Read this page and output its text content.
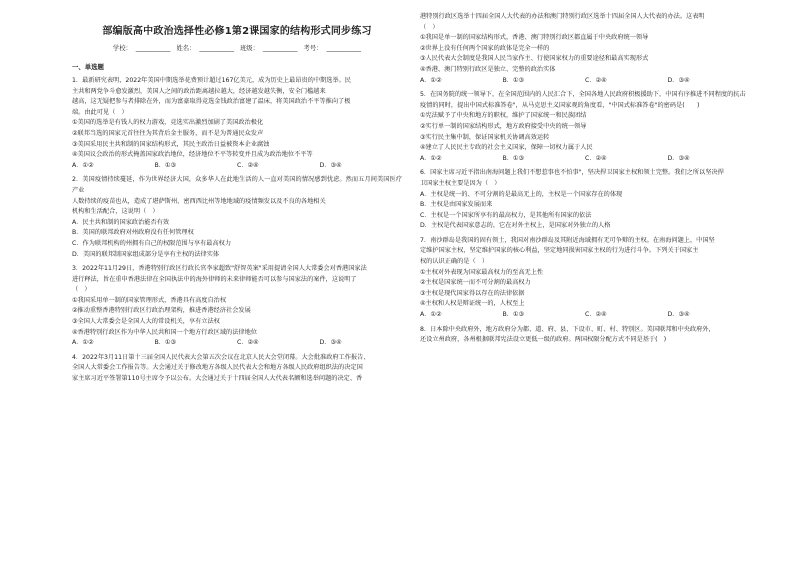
部编版高中政治选择性必修1第2课国家的结构形式同步练习
学校： ___________ 姓名： ___________ 班级： ___________ 考号： ___________
一、单选题

1．最新研究表明，2022年美国中期选举花费预计超过167亿美元，成为历史上最昂贵的中期选举。民

主共和两党争斗愈发激烈，美国人之间的政治距离越拉越大，经济越发越失衡，安全门槛越来

越高，这无疑把参与者排除在外，而为富豪取得竞选金钱政治富建了温床，将美国政治不平等推向了极

端。由此可见（　）

①美国的选举是有钱人的权力游戏，竞选实出激烈加剧了美国政治极化
②联邦当选的国家元首往往为其背后金主服务，而不是为普通民众发声
③美国采用民主共和制的国家结构形式，其民主政治日益被资本企业腐蚀
④美国议会政治的形式掩盖国家政治地位，经济地位不平等转变并且成为政治地位不平等
A．①②	B．①③	C．②④	D．③④

2．美国疫情持续蔓延，作为世界经济大国，众多华人在此地生活的人一直对美国的情况感到忧虑。然而五月间美国医疗产业

人数持续的疫苗也从，造成了堪萨斯州、密西西比州等地地域的疫情频发以及不良的各地相关

机构和生活配合，这说明（　）

A．民主共和制的国家政治能否有效
B．美国的联邦政府对州政府没有任何管理权
C．作为联邦机构的州拥有自己的权限范围与享有最高权力
D．美国的联邦制国家组成部分是享有主权的法律实体

3．2022年11月29日，香港特别行政区行政长官李家超致"舒智英案"采用提请全国人大常委会对香港国家法

进行释法，旨在重申香港法律在全国执法中的海外律师的未来律师能否可以参与国家法的案件，这说明了

（　）

①我国采用单一制的国家管理形式，香港具有高度自治权
②推动重整香港特别行政区行政治理架构，推进香港经济社会发展
③全国人大常委会是全国人大的常设机关，享有立法权
④香港特别行政区作为中华人民共和国一个地方行政区域的法律地位
A．①②	B．①③	C．②④	D．③④

4．2022年3月11日第十三届全国人民代表大会第五次会议在北京人民大会堂闭幕。大会批准政府工作报告、

全国人大常委会工作报告等。大会通过关于修改地方各级人民代表大会和地方各级人民政府组织法的决定国

家主席习近平签署第110号主席令予以公布。大会通过关于十四届全国人大代表名额和选举问题的决定、香

港特别行政区选举十四届全国人大代表的办法和澳门特别行政区选举十四届全国人大代表的办法。这表明

（　）

①我国是单一制的国家结构形式，香港、澳门特别行政区都直属于中央政府统一领导
②世界上没有任何两个国家的政体是完全一样的
③人民代表大会制度是我国人民当家作主、行使国家权力的重要途径和最高实现形式
④香港、澳门特别行政区是独立、完整的政治实体
A．①②	B．①③	C．②④	D．③④

5．在国务院的统一领导下，在全国范围内的人民汇合下，全国各地人民政府积极援助下，中国有序推进不同程度的抗击

疫情的同时，提出中国式标准答卷"，从马克思主义国家观的角度看，"中国式标准答卷"的密码是(　　)

①宪法赋予了中央和地方的职权，维护了国家统一和民族团结
②实行单一制的国家结构形式，地方政府接受中央的统一领导
③实行民主集中制，保证国家机关协调高效运转
④建立了人民民主专政的社会主义国家，保障一切权力属于人民
A．①②	B．①③	C．②④	D．③④

6．国家主席习近平指出南海问题上我们不想惹事也不怕事"，坚决捍卫国家主权和领土完整。我们之所以坚决捍

卫国家主权主要是因为（　）

A．主权是统一的、不可分割的是最高无上的，主权是一个国家存在的体现
B．主权是由国家发展而来
C．主权是一个国家所享有的最高权力，是其他所有国家的依法
D．主权是代表国家意志的，它在对外主权上，是国家对外独立的人格

7．南沙群岛是我国的固有领土，我国对南沙群岛及其附近海域拥有无可争辩的主权。在南海问题上，中国坚

定维护国家主权，坚定维护国家的核心利益，坚定地同损害国家主权的行为进行斗争。下列关于国家主

权的认识正确的是（　）

①主权对外表现为国家最高权力的至高无上性
②主权是国家统一而不可分割的最高权力
③主权是现代国家得以存在的法律依据
④主权和人权是辩证统一的，人权至上
A．①②	B．①③	C．②④	D．③④

8．日本除中央政府外，地方政府分为都、道、府、县，下设市、町、村、特别区。美国联邦和中央政府外，

还设立州政府，各州根据联邦宪法设立更低一级的政府。两国权限分配方式不同是基于(　)
